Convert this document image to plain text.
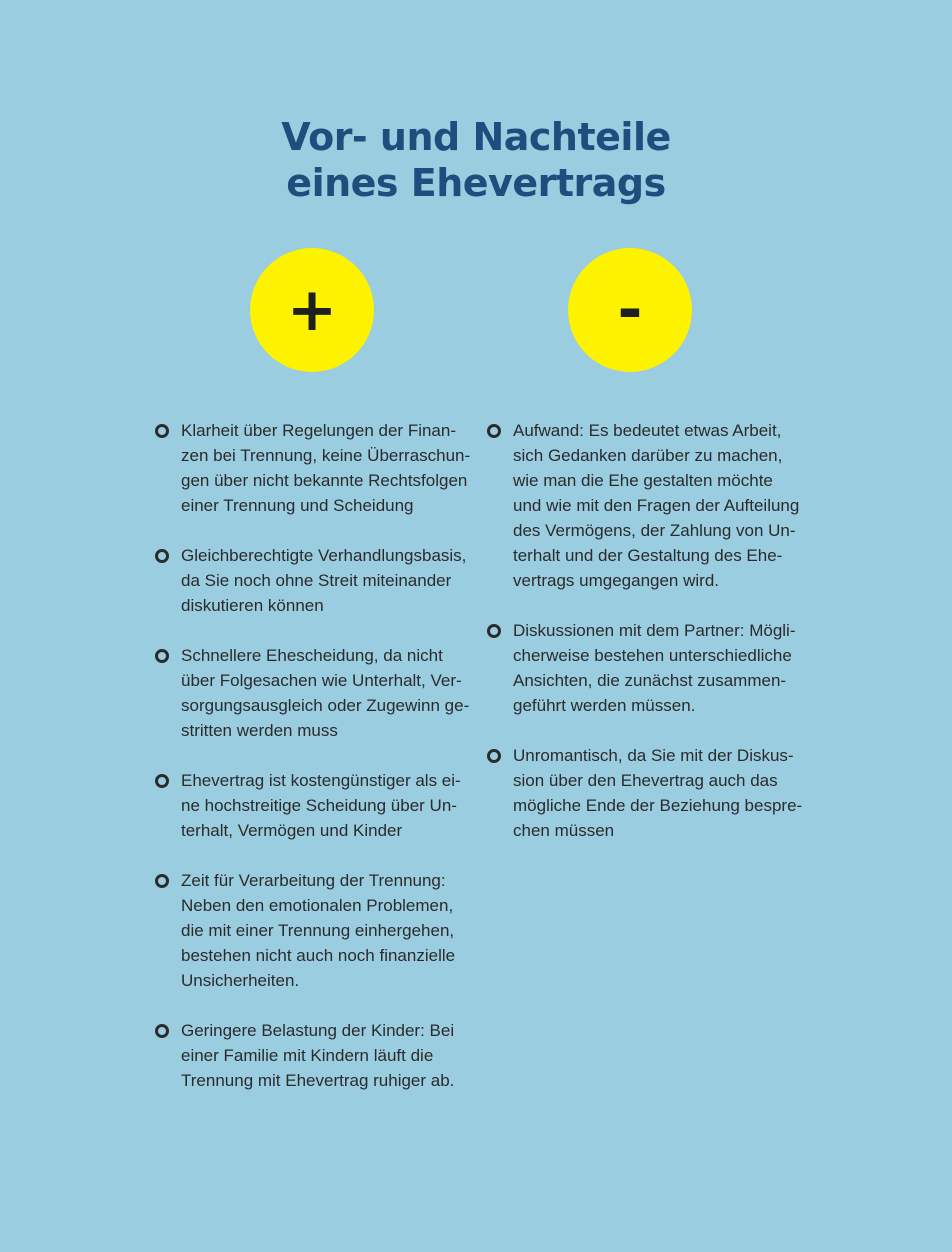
Vor- und Nachteile
eines Ehevertrags
+	-
Klarheit über Regelungen der Finan-
zen bei Trennung, keine Überraschun-
gen über nicht bekannte Rechtsfolgen
einer Trennung und Scheidung
Gleichberechtigte Verhandlungsbasis,
da Sie noch ohne Streit miteinander
diskutieren können
Schnellere Ehescheidung, da nicht
über Folgesachen wie Unterhalt, Ver-
sorgungsausgleich oder Zugewinn ge-
stritten werden muss
Ehevertrag ist kostengünstiger als ei-
ne hochstreitige Scheidung über Un-
terhalt, Vermögen und Kinder
Zeit für Verarbeitung der Trennung:
Neben den emotionalen Problemen,
die mit einer Trennung einhergehen,
bestehen nicht auch noch finanzielle
Unsicherheiten.
Geringere Belastung der Kinder: Bei
einer Familie mit Kindern läuft die
Trennung mit Ehevertrag ruhiger ab.
Aufwand: Es bedeutet etwas Arbeit,
sich Gedanken darüber zu machen,
wie man die Ehe gestalten möchte
und wie mit den Fragen der Aufteilung
des Vermögens, der Zahlung von Un-
terhalt und der Gestaltung des Ehe-
vertrags umgegangen wird.
Diskussionen mit dem Partner: Mögli-
cherweise bestehen unterschiedliche
Ansichten, die zunächst zusammen-
geführt werden müssen.
Unromantisch, da Sie mit der Diskus-
sion über den Ehevertrag auch das
mögliche Ende der Beziehung bespre-
chen müssen
